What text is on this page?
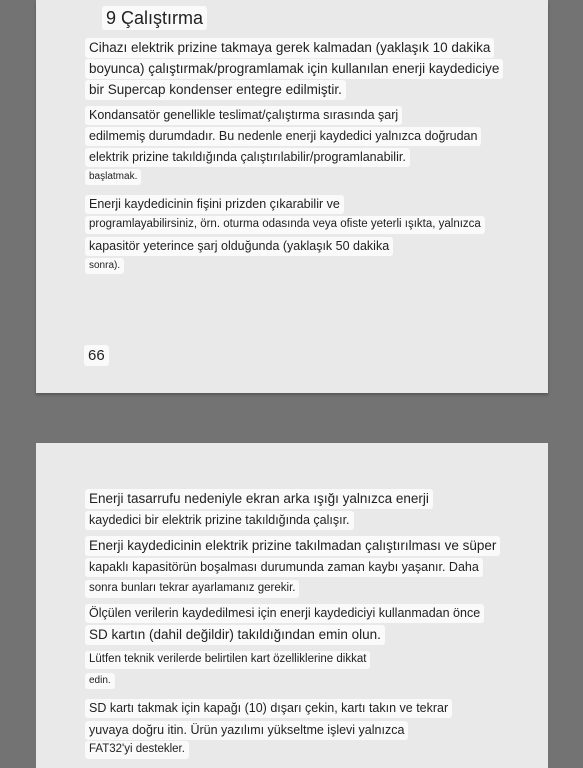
9 Çalıştırma
Cihazı elektrik prizine takmaya gerek kalmadan (yaklaşık 10 dakika
boyunca) çalıştırmak/programlamak için kullanılan enerji kaydediciye
bir Supercap kondenser entegre edilmiştir.
Kondansatör genellikle teslimat/çalıştırma sırasında şarj
edilmemiş durumdadır. Bu nedenle enerji kaydedici yalnızca doğrudan
elektrik prizine takıldığında çalıştırılabilir/programlanabilir.
başlatmak.
Enerji kaydedicinin fişini prizden çıkarabilir ve
programlayabilirsiniz, örn. oturma odasında veya ofiste yeterli ışıkta, yalnızca
kapasitör yeterince şarj olduğunda (yaklaşık 50 dakika
sonra).
66
Enerji tasarrufu nedeniyle ekran arka ışığı yalnızca enerji
kaydedici bir elektrik prizine takıldığında çalışır.
Enerji kaydedicinin elektrik prizine takılmadan çalıştırılması ve süper
kapaklı kapasitörün boşalması durumunda zaman kaybı yaşanır. Daha
sonra bunları tekrar ayarlamanız gerekir.
Ölçülen verilerin kaydedilmesi için enerji kaydediciyi kullanmadan önce
SD kartın (dahil değildir) takıldığından emin olun.
Lütfen teknik verilerde belirtilen kart özelliklerine dikkat
edin.
SD kartı takmak için kapağı (10) dışarı çekin, kartı takın ve tekrar
yuvaya doğru itin. Ürün yazılımı yükseltme işlevi yalnızca
FAT32'yi destekler.
